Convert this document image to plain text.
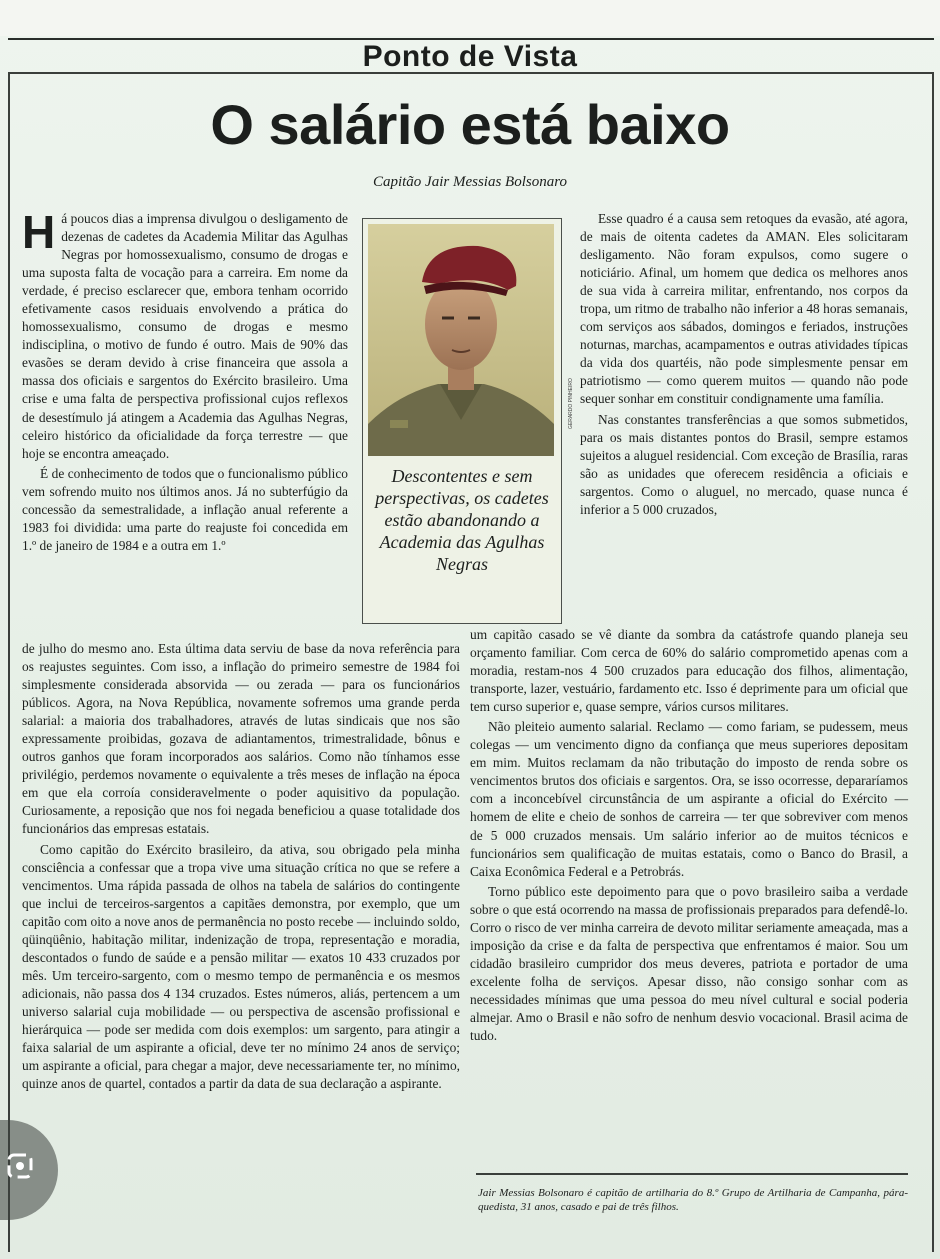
Ponto de Vista
O salário está baixo
Capitão Jair Messias Bolsonaro

Há poucos dias a imprensa divulgou o desligamento de dezenas de cadetes da Academia Militar das Agulhas Negras por homossexualismo, consumo de drogas e uma suposta falta de vocação para a carreira. Em nome da verdade, é preciso esclarecer que, embora tenham ocorrido efetivamente casos residuais envolvendo a prática do homossexualismo, consumo de drogas e mesmo indisciplina, o motivo de fundo é outro. Mais de 90% das evasões se deram devido à crise financeira que assola a massa dos oficiais e sargentos do Exército brasileiro. Uma crise e uma falta de perspectiva profissional cujos reflexos de desestímulo já atingem a Academia das Agulhas Negras, celeiro histórico da oficialidade da força terrestre — que hoje se encontra ameaçado.

É de conhecimento de todos que o funcionalismo público vem sofrendo muito nos últimos anos. Já no subterfúgio da concessão da semestralidade, a inflação anual referente a 1983 foi dividida: uma parte do reajuste foi concedida em 1.º de janeiro de 1984 e a outra em 1.º

Descontentes e sem perspectivas, os cadetes estão abandonando a Academia das Agulhas Negras
GERARDO PINHEIRO

Esse quadro é a causa sem retoques da evasão, até agora, de mais de oitenta cadetes da AMAN. Eles solicitaram desligamento. Não foram expulsos, como sugere o noticiário. Afinal, um homem que dedica os melhores anos de sua vida à carreira militar, enfrentando, nos corpos da tropa, um ritmo de trabalho não inferior a 48 horas semanais, com serviços aos sábados, domingos e feriados, instruções noturnas, marchas, acampamentos e outras atividades típicas da vida dos quartéis, não pode simplesmente pensar em patriotismo — como querem muitos — quando não pode sequer sonhar em constituir condignamente uma família.

Nas constantes transferências a que somos submetidos, para os mais distantes pontos do Brasil, sempre estamos sujeitos a aluguel residencial. Com exceção de Brasília, raras são as unidades que oferecem residência a oficiais e sargentos. Como o aluguel, no mercado, quase nunca é inferior a 5 000 cruzados,

de julho do mesmo ano. Esta última data serviu de base da nova referência para os reajustes seguintes. Com isso, a inflação do primeiro semestre de 1984 foi simplesmente considerada absorvida — ou zerada — para os funcionários públicos. Agora, na Nova República, novamente sofremos uma grande perda salarial: a maioria dos trabalhadores, através de lutas sindicais que nos são expressamente proibidas, gozava de adiantamentos, trimestralidade, bônus e outros ganhos que foram incorporados aos salários. Como não tínhamos esse privilégio, perdemos novamente o equivalente a três meses de inflação na época em que ela corroía consideravelmente o poder aquisitivo da população. Curiosamente, a reposição que nos foi negada beneficiou a quase totalidade dos funcionários das empresas estatais.

Como capitão do Exército brasileiro, da ativa, sou obrigado pela minha consciência a confessar que a tropa vive uma situação crítica no que se refere a vencimentos. Uma rápida passada de olhos na tabela de salários do contingente que inclui de terceiros-sargentos a capitães demonstra, por exemplo, que um capitão com oito a nove anos de permanência no posto recebe — incluindo soldo, qüinqüênio, habitação militar, indenização de tropa, representação e moradia, descontados o fundo de saúde e a pensão militar — exatos 10 433 cruzados por mês. Um terceiro-sargento, com o mesmo tempo de permanência e os mesmos adicionais, não passa dos 4 134 cruzados. Estes números, aliás, pertencem a um universo salarial cuja mobilidade — ou perspectiva de ascensão profissional e hierárquica — pode ser medida com dois exemplos: um sargento, para atingir a faixa salarial de um aspirante a oficial, deve ter no mínimo 24 anos de serviço; um aspirante a oficial, para chegar a major, deve necessariamente ter, no mínimo, quinze anos de quartel, contados a partir da data de sua declaração a aspirante.

um capitão casado se vê diante da sombra da catástrofe quando planeja seu orçamento familiar. Com cerca de 60% do salário comprometido apenas com a moradia, restam-nos 4 500 cruzados para educação dos filhos, alimentação, transporte, lazer, vestuário, fardamento etc. Isso é deprimente para um oficial que tem curso superior e, quase sempre, vários cursos militares.

Não pleiteio aumento salarial. Reclamo — como fariam, se pudessem, meus colegas — um vencimento digno da confiança que meus superiores depositam em mim. Muitos reclamam da não tributação do imposto de renda sobre os vencimentos brutos dos oficiais e sargentos. Ora, se isso ocorresse, depararíamos com a inconcebível circunstância de um aspirante a oficial do Exército — homem de elite e cheio de sonhos de carreira — ter que sobreviver com menos de 5 000 cruzados mensais. Um salário inferior ao de muitos técnicos e funcionários sem qualificação de muitas estatais, como o Banco do Brasil, a Caixa Econômica Federal e a Petrobrás.

Torno público este depoimento para que o povo brasileiro saiba a verdade sobre o que está ocorrendo na massa de profissionais preparados para defendê-lo. Corro o risco de ver minha carreira de devoto militar seriamente ameaçada, mas a imposição da crise e da falta de perspectiva que enfrentamos é maior. Sou um cidadão brasileiro cumpridor dos meus deveres, patriota e portador de uma excelente folha de serviços. Apesar disso, não consigo sonhar com as necessidades mínimas que uma pessoa do meu nível cultural e social poderia almejar. Amo o Brasil e não sofro de nenhum desvio vocacional. Brasil acima de tudo.

Jair Messias Bolsonaro é capitão de artilharia do 8.º Grupo de Artilharia de Campanha, pára-quedista, 31 anos, casado e pai de três filhos.
